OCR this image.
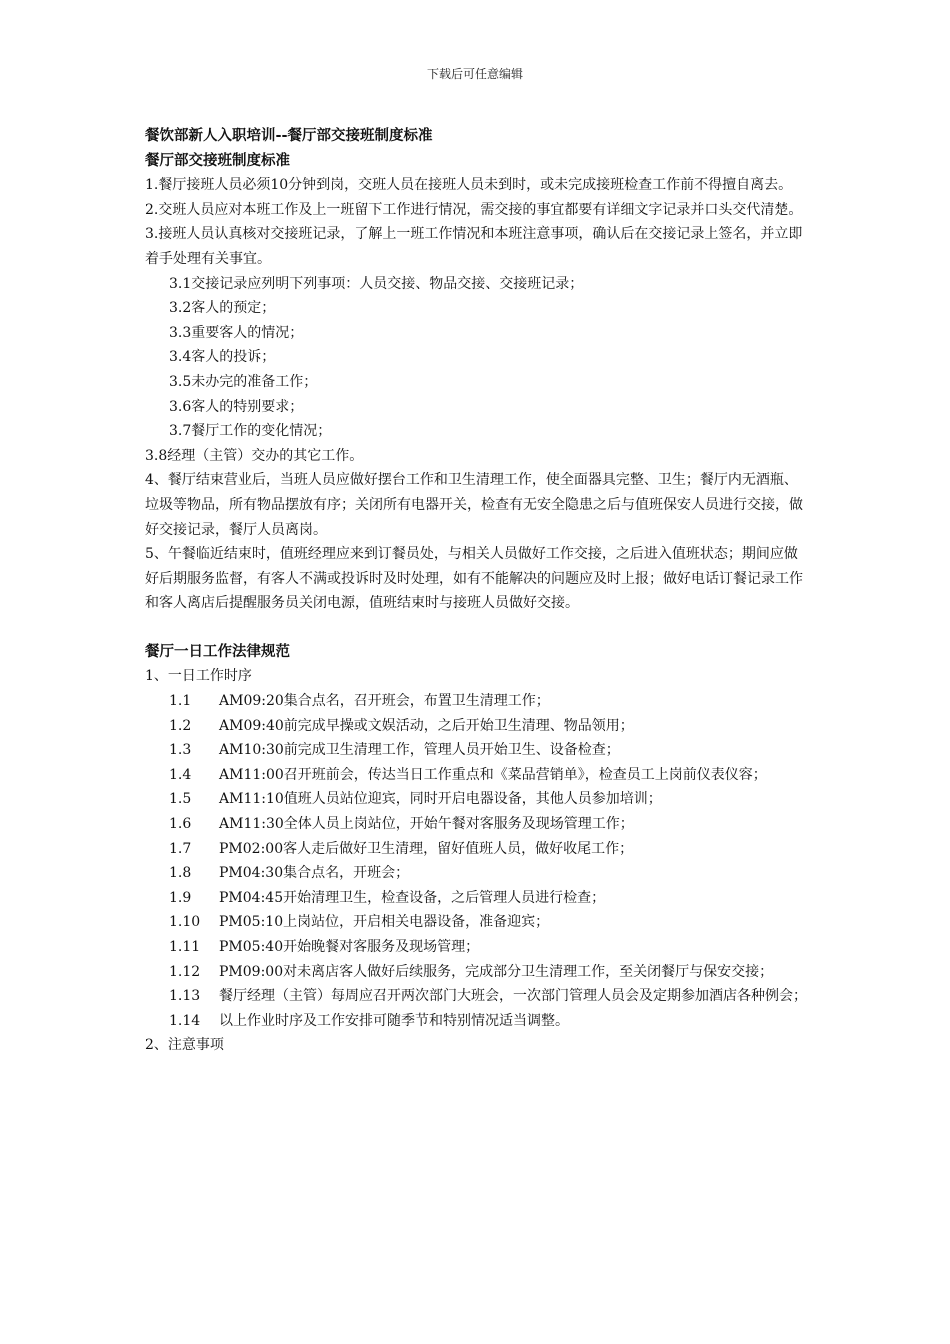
下载后可任意编辑

餐饮部新人入职培训--餐厅部交接班制度标准

餐厅部交接班制度标准

1.餐厅接班人员必须10分钟到岗，交班人员在接班人员未到时，或未完成接班检查工作前不得擅自离去。

2.交班人员应对本班工作及上一班留下工作进行情况，需交接的事宜都要有详细文字记录并口头交代清楚。

3.接班人员认真核对交接班记录，了解上一班工作情况和本班注意事项，确认后在交接记录上签名，并立即着手处理有关事宜。

3.1交接记录应列明下列事项：人员交接、物品交接、交接班记录；

3.2客人的预定；

3.3重要客人的情况；

3.4客人的投诉；

3.5未办完的准备工作；

3.6客人的特别要求；

3.7餐厅工作的变化情况；

3.8经理（主管）交办的其它工作。

4、餐厅结束营业后，当班人员应做好摆台工作和卫生清理工作，使全面器具完整、卫生；餐厅内无酒瓶、垃圾等物品，所有物品摆放有序；关闭所有电器开关，检查有无安全隐患之后与值班保安人员进行交接，做好交接记录，餐厅人员离岗。

5、午餐临近结束时，值班经理应来到订餐员处，与相关人员做好工作交接，之后进入值班状态；期间应做好后期服务监督，有客人不满或投诉时及时处理，如有不能解决的问题应及时上报；做好电话订餐记录工作和客人离店后提醒服务员关闭电源，值班结束时与接班人员做好交接。

餐厅一日工作法律规范

1、一日工作时序

1.1	AM09:20集合点名，召开班会，布置卫生清理工作；
1.2	AM09:40前完成早操或文娱活动，之后开始卫生清理、物品领用；
1.3	AM10:30前完成卫生清理工作，管理人员开始卫生、设备检查；
1.4	AM11:00召开班前会，传达当日工作重点和《菜品营销单》，检查员工上岗前仪表仪容；
1.5	AM11:10值班人员站位迎宾，同时开启电器设备，其他人员参加培训；
1.6	AM11:30全体人员上岗站位，开始午餐对客服务及现场管理工作；
1.7	PM02:00客人走后做好卫生清理，留好值班人员，做好收尾工作；
1.8	PM04:30集合点名，开班会；
1.9	PM04:45开始清理卫生，检查设备，之后管理人员进行检查；
1.10	PM05:10上岗站位，开启相关电器设备，准备迎宾；
1.11	PM05:40开始晚餐对客服务及现场管理；
1.12	PM09:00对未离店客人做好后续服务，完成部分卫生清理工作，至关闭餐厅与保安交接；
1.13	餐厅经理（主管）每周应召开两次部门大班会，一次部门管理人员会及定期参加酒店各种例会；
1.14	以上作业时序及工作安排可随季节和特别情况适当调整。

2、注意事项
